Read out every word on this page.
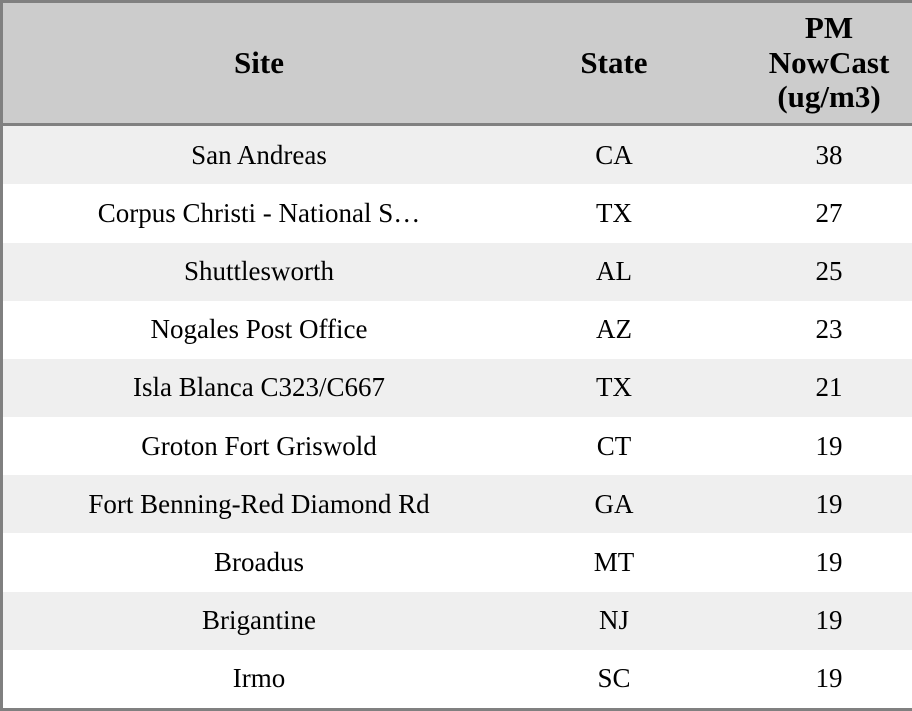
Site	State	PM
NowCast
(ug/m3)

San Andreas	CA	38
Corpus Christi - National S…	TX	27
Shuttlesworth	AL	25
Nogales Post Office	AZ	23
Isla Blanca C323/C667	TX	21
Groton Fort Griswold	CT	19
Fort Benning-Red Diamond Rd	GA	19
Broadus	MT	19
Brigantine	NJ	19
Irmo	SC	19
